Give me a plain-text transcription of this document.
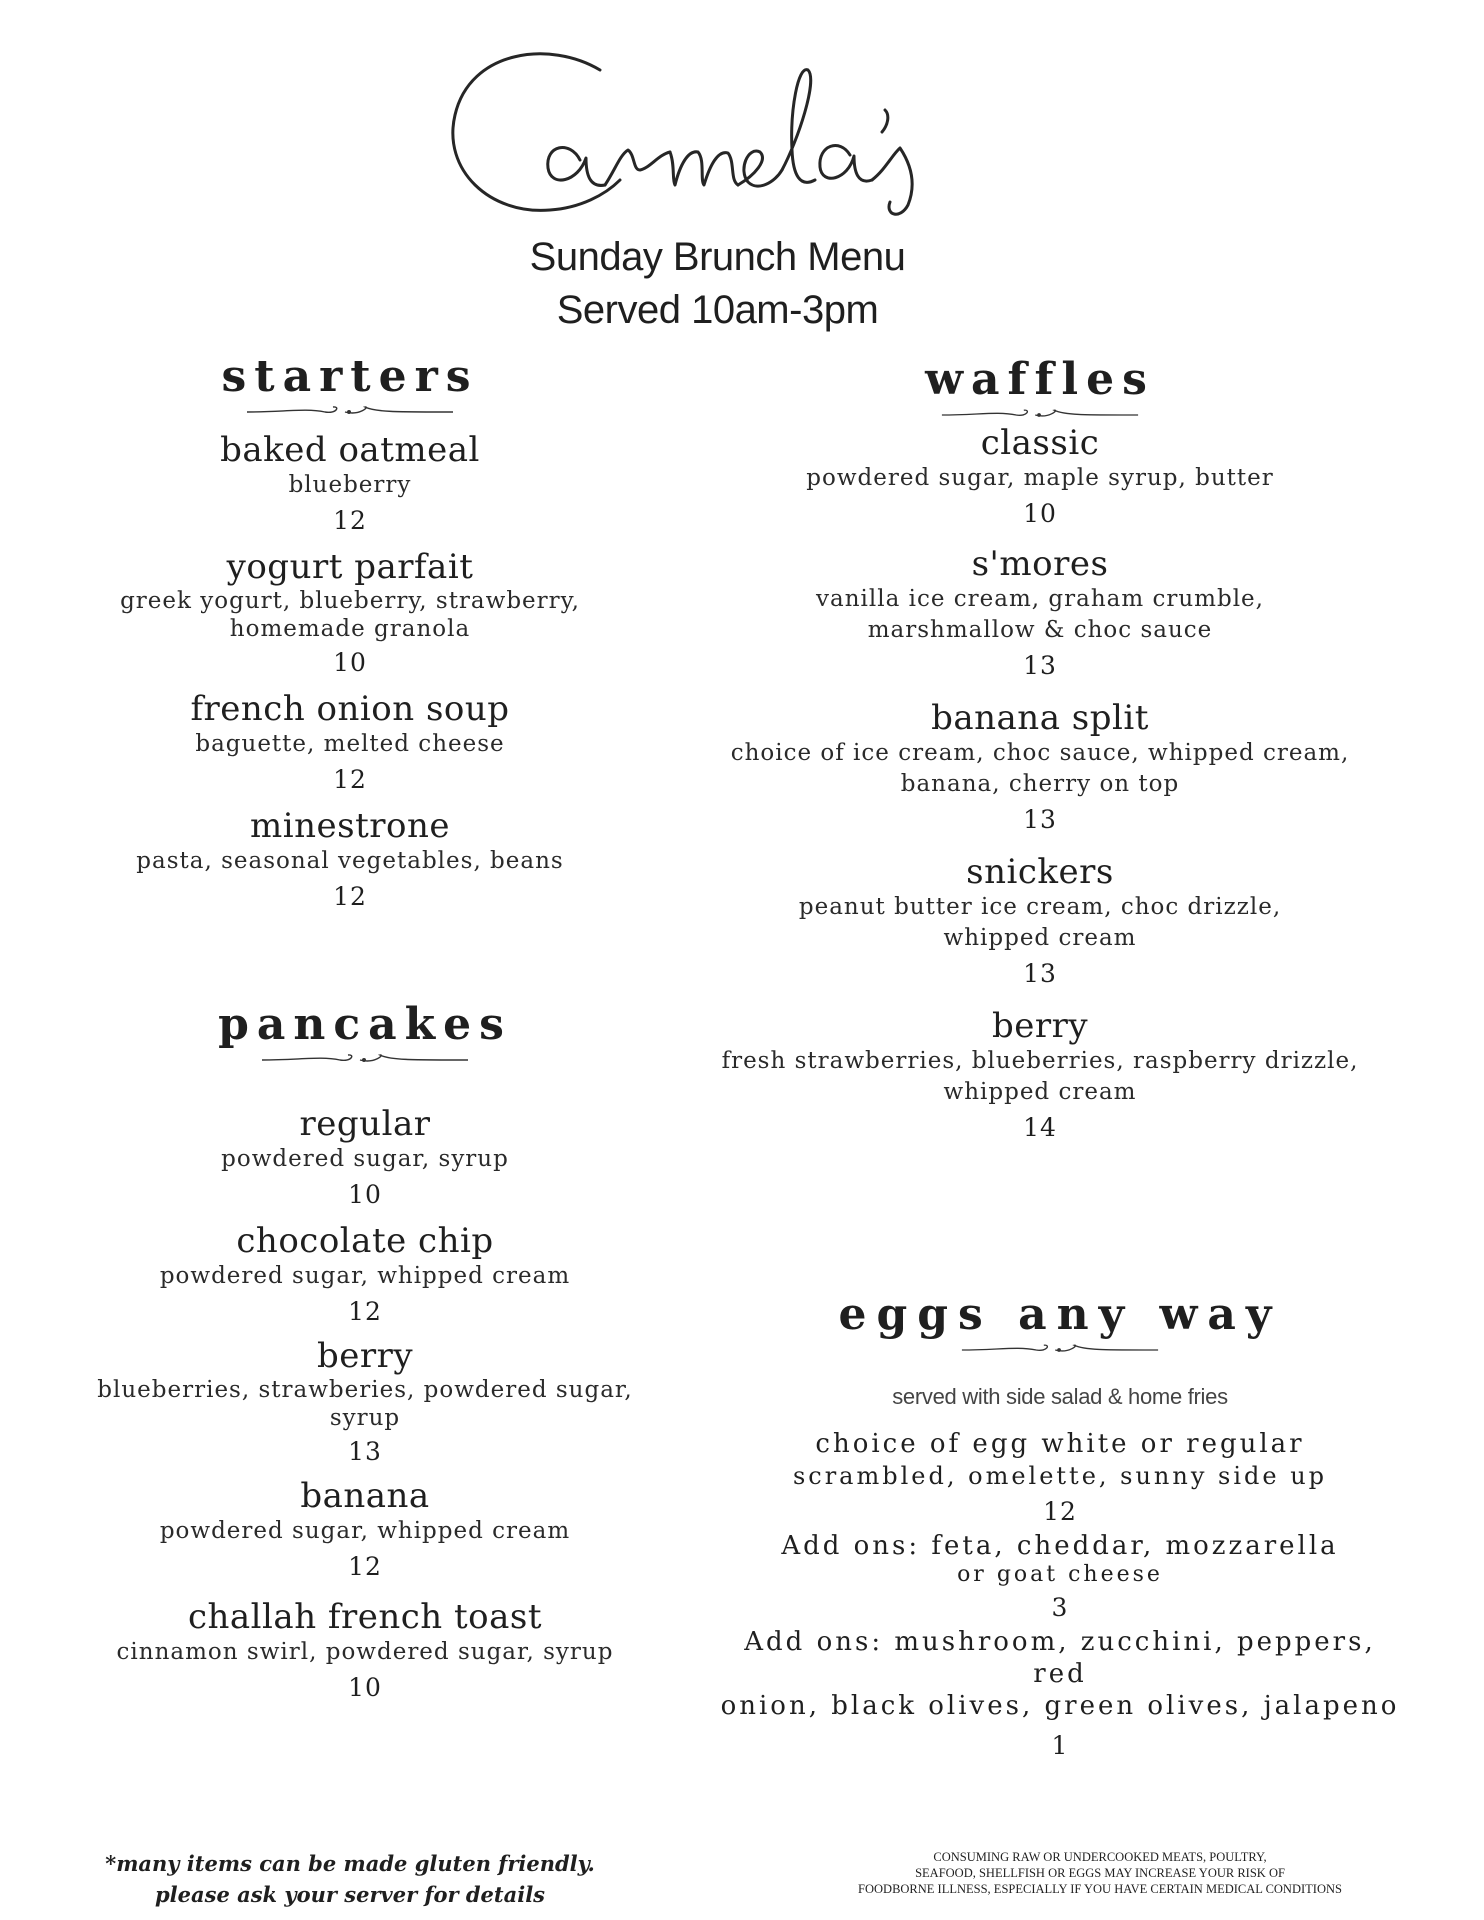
Sunday Brunch Menu
Served 10am-3pm
starters

baked oatmeal

blueberry

12

yogurt parfait

greek yogurt, blueberry, strawberry,
homemade granola

10

french onion soup

baguette, melted cheese

12

minestrone

pasta, seasonal vegetables, beans

12

pancakes

regular

powdered sugar, syrup

10

chocolate chip

powdered sugar, whipped cream

12

berry

blueberries, strawberies, powdered sugar,
syrup

13

banana

powdered sugar, whipped cream

12

challah french toast

cinnamon swirl, powdered sugar, syrup

10

waffles

classic

powdered sugar, maple syrup, butter

10

s'mores

vanilla ice cream, graham crumble,
marshmallow & choc sauce

13

banana split

choice of ice cream, choc sauce, whipped cream,
banana, cherry on top

13

snickers

peanut butter ice cream, choc drizzle,
whipped cream

13

berry

fresh strawberries, blueberries, raspberry drizzle,
whipped cream

14

eggs any way

served with side salad & home fries

choice of egg white or regular

scrambled, omelette, sunny side up

12

Add ons: feta, cheddar, mozzarella

or goat cheese

3

Add ons: mushroom, zucchini, peppers, red

onion, black olives, green olives, jalapeno

1

*many items can be made gluten friendly.
please ask your server for details
CONSUMING RAW OR UNDERCOOKED MEATS, POULTRY,
SEAFOOD, SHELLFISH OR EGGS MAY INCREASE YOUR RISK OF
FOODBORNE ILLNESS, ESPECIALLY IF YOU HAVE CERTAIN MEDICAL CONDITIONS
